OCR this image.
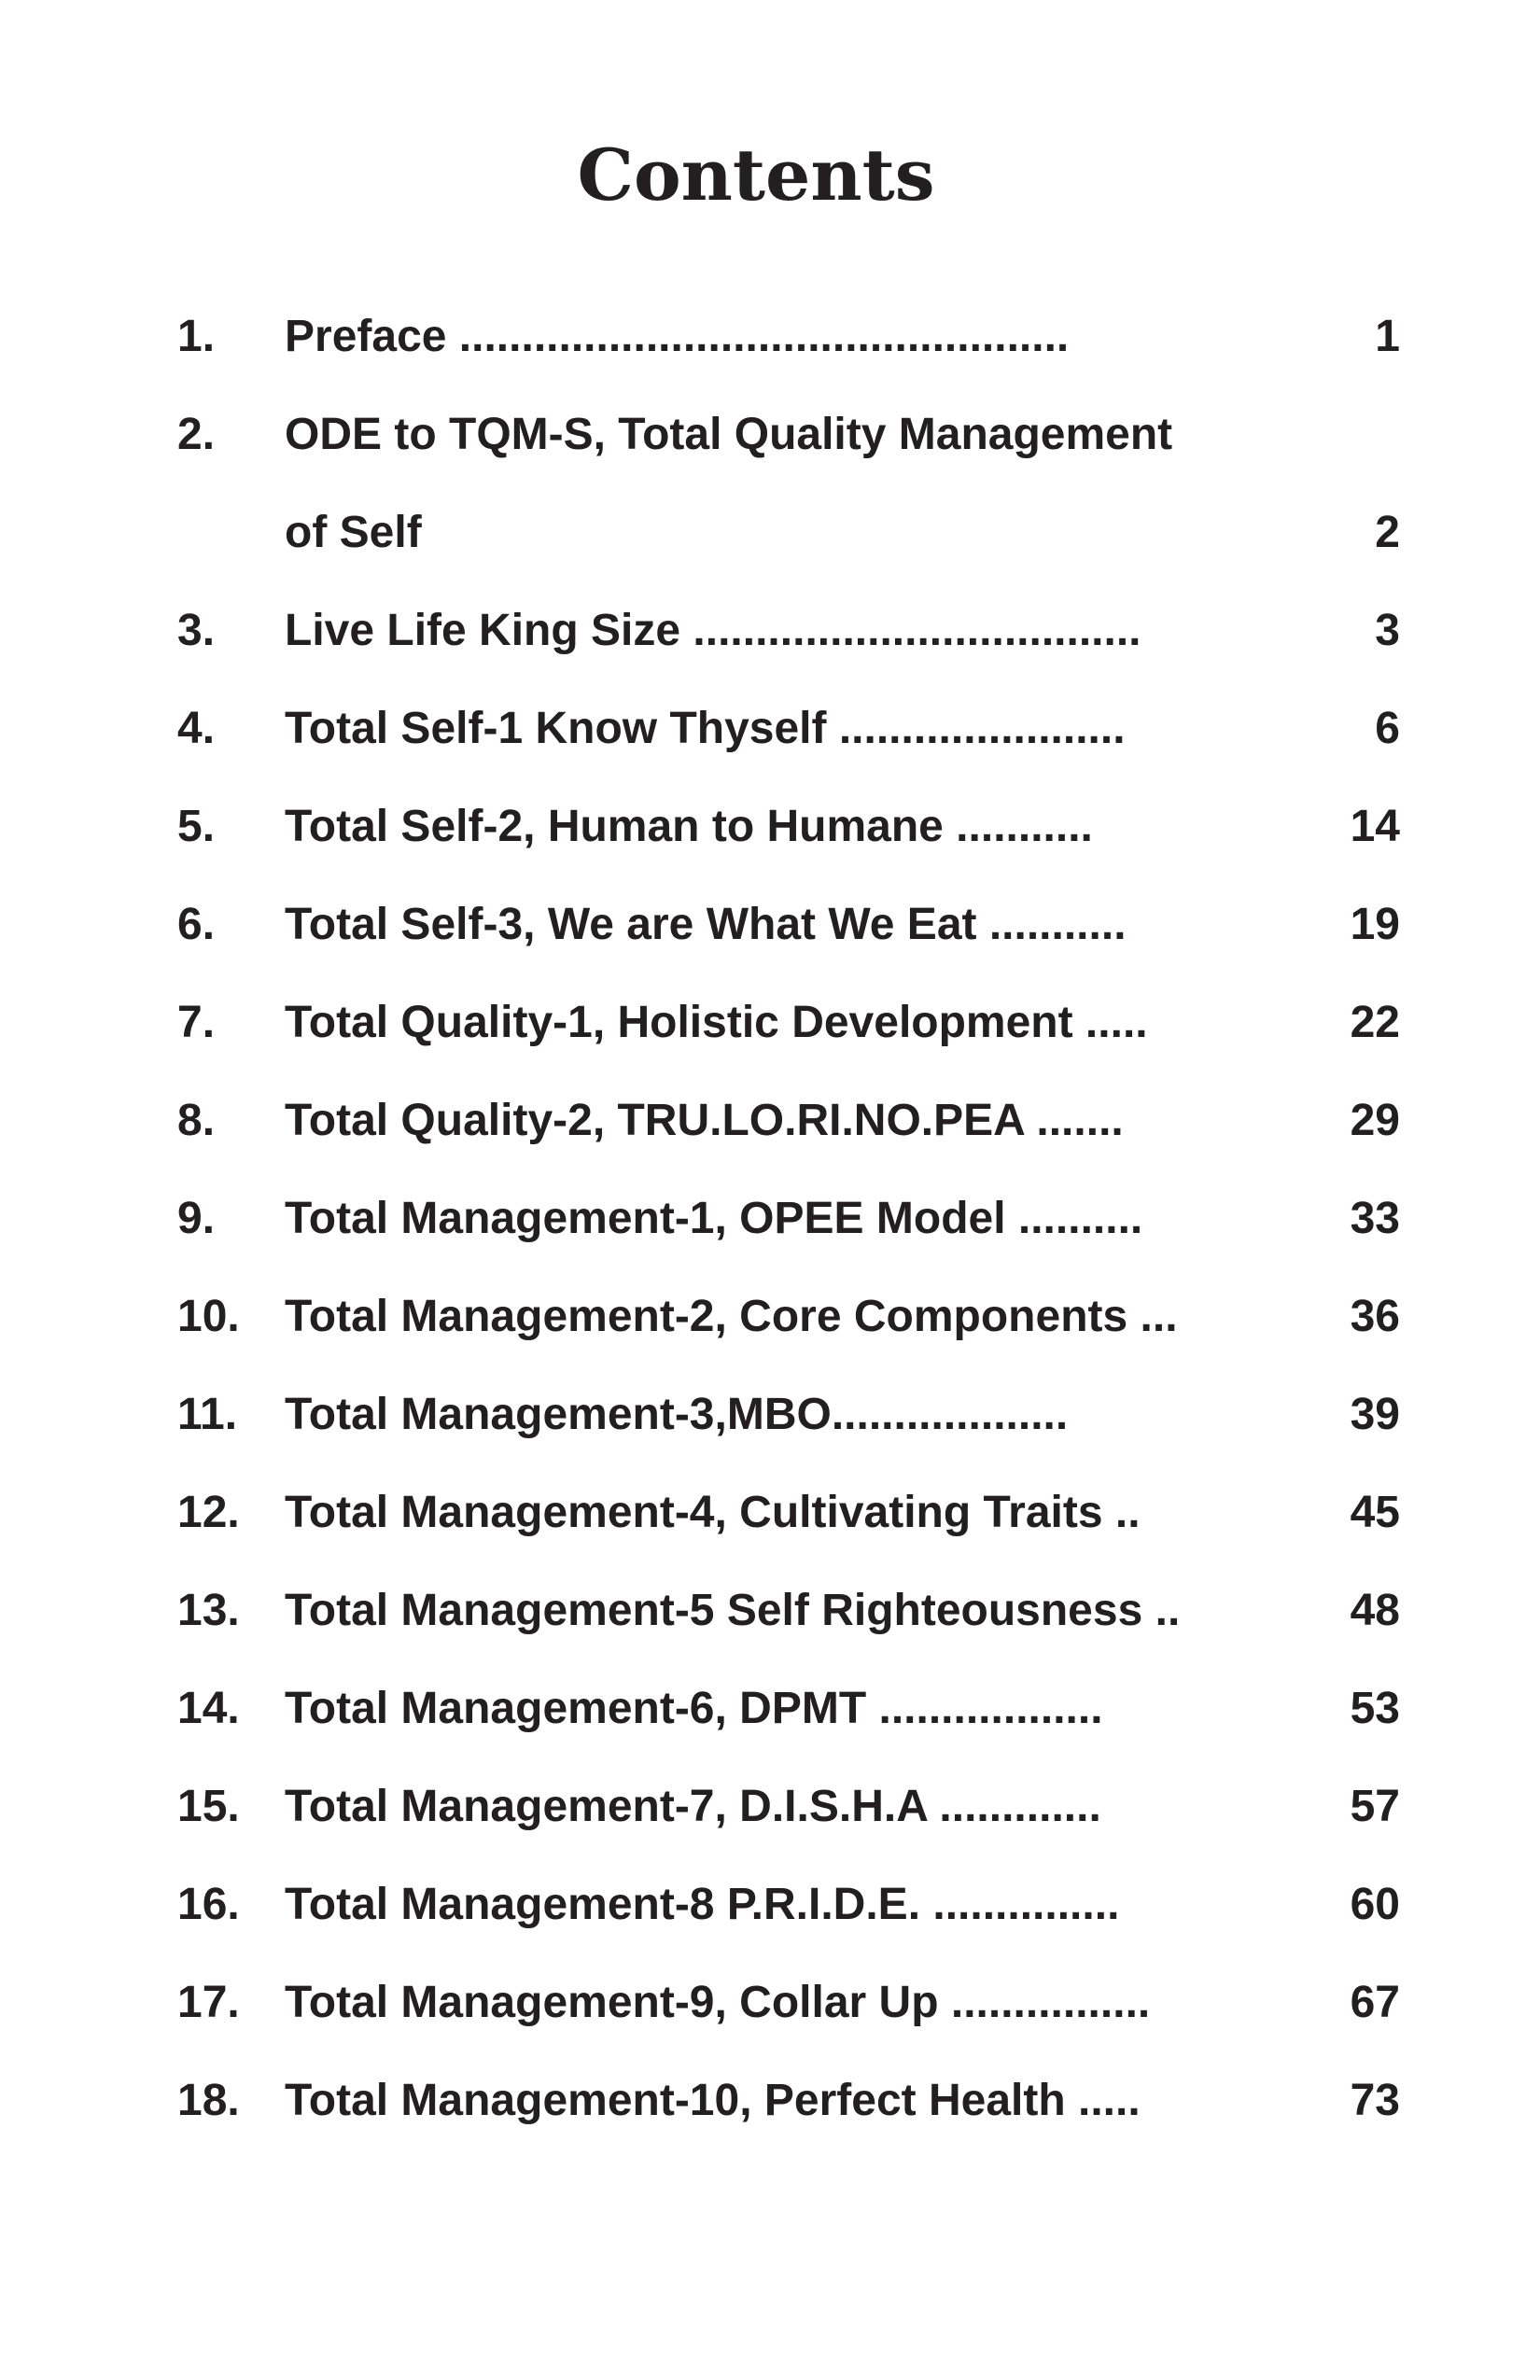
Contents
1. Preface .................................................	1
2. ODE to TQM-S, Total Quality Management
of Self	2
3. Live Life King Size ....................................	3
4. Total Self-1 Know Thyself .......................	6
5. Total Self-2, Human to Humane ...........	14
6. Total Self-3, We are What We Eat ...........	19
7. Total Quality-1, Holistic Development .....	22
8. Total Quality-2, TRU.LO.RI.NO.PEA .......	29
9. Total Management-1, OPEE Model ..........	33
10. Total Management-2, Core Components ...	36
11. Total Management-3,MBO...................	39
12. Total Management-4, Cultivating Traits ..	45
13. Total Management-5 Self Righteousness ..	48
14. Total Management-6, DPMT ..................	53
15. Total Management-7, D.I.S.H.A .............	57
16. Total Management-8 P.R.I.D.E. ...............	60
17. Total Management-9, Collar Up ................	67
18. Total Management-10, Perfect Health .....	73
